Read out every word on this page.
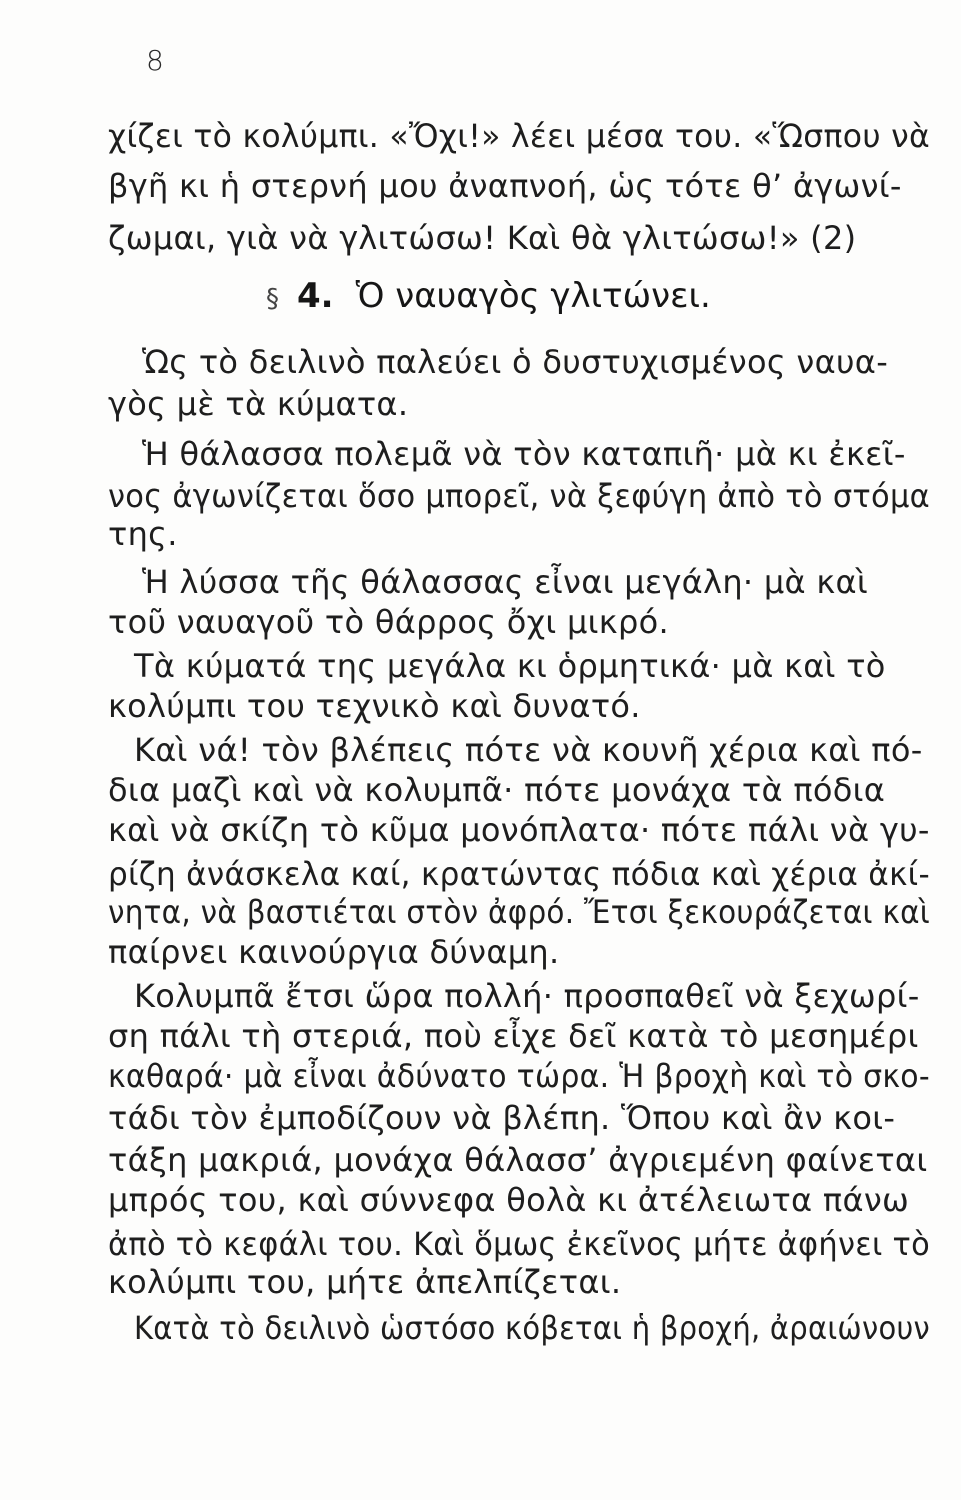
8
χίζει τὸ κολύμπι. «Ὄχι!» λέει μέσα του. «Ὥσπου νὰ
βγῆ κι ἡ στερνή μου ἀναπνοή, ὡς τότε θ’ ἀγωνί-
ζωμαι, γιὰ νὰ γλιτώσω! Καὶ θὰ γλιτώσω!» (2)
§ 4. Ὁ ναυαγὸς γλιτώνει.
Ὡς τὸ δειλινὸ παλεύει ὁ δυστυχισμένος ναυα-
γὸς μὲ τὰ κύματα.
Ἡ θάλασσα πολεμᾶ νὰ τὸν καταπιῆ· μὰ κι ἐκεῖ-
νος ἀγωνίζεται ὅσο μπορεῖ, νὰ ξεφύγη ἀπὸ τὸ στόμα
της.
Ἡ λύσσα τῆς θάλασσας εἶναι μεγάλη· μὰ καὶ
τοῦ ναυαγοῦ τὸ θάρρος ὄχι μικρό.
Τὰ κύματά της μεγάλα κι ὁρμητικά· μὰ καὶ τὸ
κολύμπι του τεχνικὸ καὶ δυνατό.
Καὶ νά! τὸν βλέπεις πότε νὰ κουνῆ χέρια καὶ πό-
δια μαζὶ καὶ νὰ κολυμπᾶ· πότε μονάχα τὰ πόδια
καὶ νὰ σκίζη τὸ κῦμα μονόπλατα· πότε πάλι νὰ γυ-
ρίζη ἀνάσκελα καί, κρατώντας πόδια καὶ χέρια ἀκί-
νητα, νὰ βαστιέται στὸν ἀφρό. Ἔτσι ξεκουράζεται καὶ
παίρνει καινούργια δύναμη.
Κολυμπᾶ ἔτσι ὥρα πολλή· προσπαθεῖ νὰ ξεχωρί-
ση πάλι τὴ στεριά, ποὺ εἶχε δεῖ κατὰ τὸ μεσημέρι
καθαρά· μὰ εἶναι ἀδύνατο τώρα. Ἡ βροχὴ καὶ τὸ σκο-
τάδι τὸν ἐμποδίζουν νὰ βλέπη. Ὅπου καὶ ἂν κοι-
τάξη μακριά, μονάχα θάλασσ’ ἀγριεμένη φαίνεται
μπρός του, καὶ σύννεφα θολὰ κι ἀτέλειωτα πάνω
ἀπὸ τὸ κεφάλι του. Καὶ ὅμως ἐκεῖνος μήτε ἀφήνει τὸ
κολύμπι του, μήτε ἀπελπίζεται.
Κατὰ τὸ δειλινὸ ὡστόσο κόβεται ἡ βροχή, ἀραιώνουν
